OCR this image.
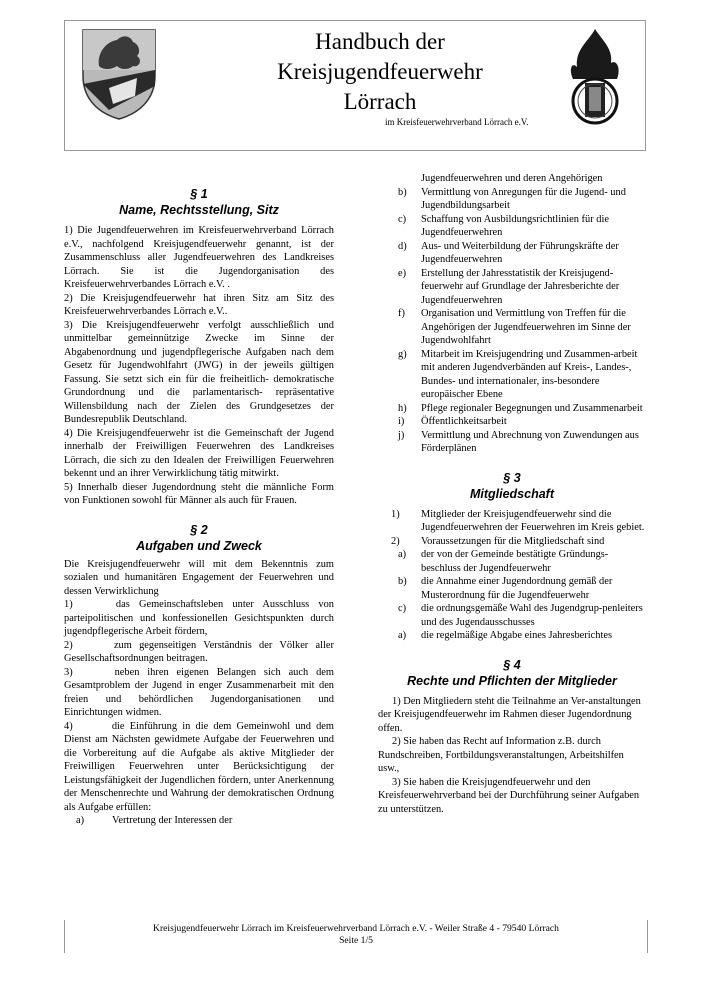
Handbuch der
Kreisjugendfeuerwehr
Lörrach
im Kreisfeuerwehrverband Lörrach e.V.
§ 1
Name, Rechtsstellung, Sitz

1) Die Jugendfeuerwehren im Kreisfeuerwehrverband Lörrach e.V., nachfolgend Kreisjugendfeuerwehr genannt, ist der Zusammenschluss aller Jugendfeuerwehren des Landkreises Lörrach. Sie ist die Jugendorganisation des Kreisfeuerwehrverbandes Lörrach e.V. .

2) Die Kreisjugendfeuerwehr hat ihren Sitz am Sitz des Kreisfeuerwehrverbandes Lörrach e.V..

3) Die Kreisjugendfeuerwehr verfolgt ausschließlich und unmittelbar gemeinnützige Zwecke im Sinne der Abgabenordnung und jugendpflegerische Aufgaben nach dem Gesetz für Jugendwohlfahrt (JWG) in der jeweils gültigen Fassung. Sie setzt sich ein für die freiheitlich- demokratische Grundordnung und die parlamentarisch- repräsentative Willensbildung nach der Zielen des Grundgesetzes der Bundesrepublik Deutschland.

4) Die Kreisjugendfeuerwehr ist die Gemeinschaft der Jugend innerhalb der Freiwilligen Feuerwehren des Landkreises Lörrach, die sich zu den Idealen der Freiwilligen Feuerwehren bekennt und an ihrer Verwirklichung tätig mitwirkt.

5) Innerhalb dieser Jugendordnung steht die männliche Form von Funktionen sowohl für Männer als auch für Frauen.

§ 2
Aufgaben und Zweck

Die Kreisjugendfeuerwehr will mit dem Bekenntnis zum sozialen und humanitären Engagement der Feuerwehren und dessen Verwirklichung

1)	das Gemeinschaftsleben unter Ausschluss von parteipolitischen und konfessionellen Gesichtspunkten durch jugendpflegerische Arbeit fördern,

2)	zum gegenseitigen Verständnis der Völker aller Gesellschaftsordnungen beitragen.

3)	neben ihren eigenen Belangen sich auch dem Gesamtproblem der Jugend in enger Zusammenarbeit mit den freien und behördlichen Jugendorganisationen und Einrichtungen widmen.

4)	die Einführung in die dem Gemeinwohl und dem Dienst am Nächsten gewidmete Aufgabe der Feuerwehren und die Vorbereitung auf die Aufgabe als aktive Mitglieder der Freiwilligen Feuerwehren unter Berücksichtigung der Leistungsfähigkeit der Jugendlichen fördern, unter Anerkennung der Menschenrechte und Wahrung der demokratischen Ordnung als Aufgabe erfüllen:

a)	Vertretung der Interessen der

Jugendfeuerwehren und deren Angehörigen

b) Vermittlung von Anregungen für die Jugend- und Jugendbildungsarbeit

c) Schaffung von Ausbildungsrichtlinien für die Jugendfeuerwehren

d) Aus- und Weiterbildung der Führungskräfte der Jugendfeuerwehren

e) Erstellung der Jahresstatistik der Kreisjugend-feuerwehr auf Grundlage der Jahresberichte der Jugendfeuerwehren

f) Organisation und Vermittlung von Treffen für die Angehörigen der Jugendfeuerwehren im Sinne der Jugendwohlfahrt

g) Mitarbeit im Kreisjugendring und Zusammen-arbeit mit anderen Jugendverbänden auf Kreis-, Landes-, Bundes- und internationaler, ins-besondere europäischer Ebene

h) Pflege regionaler Begegnungen und Zusammenarbeit

i) Öffentlichkeitsarbeit

j) Vermittlung und Abrechnung von Zuwendungen aus Förderplänen

§ 3
Mitgliedschaft

1) Mitglieder der Kreisjugendfeuerwehr sind die Jugendfeuerwehren der Feuerwehren im Kreis gebiet.

2) Voraussetzungen für die Mitgliedschaft sind

a) der von der Gemeinde bestätigte Gründungs-beschluss der Jugendfeuerwehr

b) die Annahme einer Jugendordnung gemäß der Musterordnung für die Jugendfeuerwehr

c) die ordnungsgemäße Wahl des Jugendgrup-penleiters und des Jugendausschusses

a) die regelmäßige Abgabe eines Jahresberichtes

§ 4
Rechte und Pflichten der Mitglieder

1) Den Mitgliedern steht die Teilnahme an Ver-anstaltungen der Kreisjugendfeuerwehr im Rahmen dieser Jugendordnung offen.

2) Sie haben das Recht auf Information z.B. durch Rundschreiben, Fortbildungsveranstaltungen, Arbeitshilfen usw.,

3) Sie haben die Kreisjugendfeuerwehr und den Kreisfeuerwehrverband bei der Durchführung seiner Aufgaben zu unterstützen.

Kreisjugendfeuerwehr Lörrach im Kreisfeuerwehrverband Lörrach e.V. - Weiler Straße 4 - 79540 Lörrach
Seite 1/5
